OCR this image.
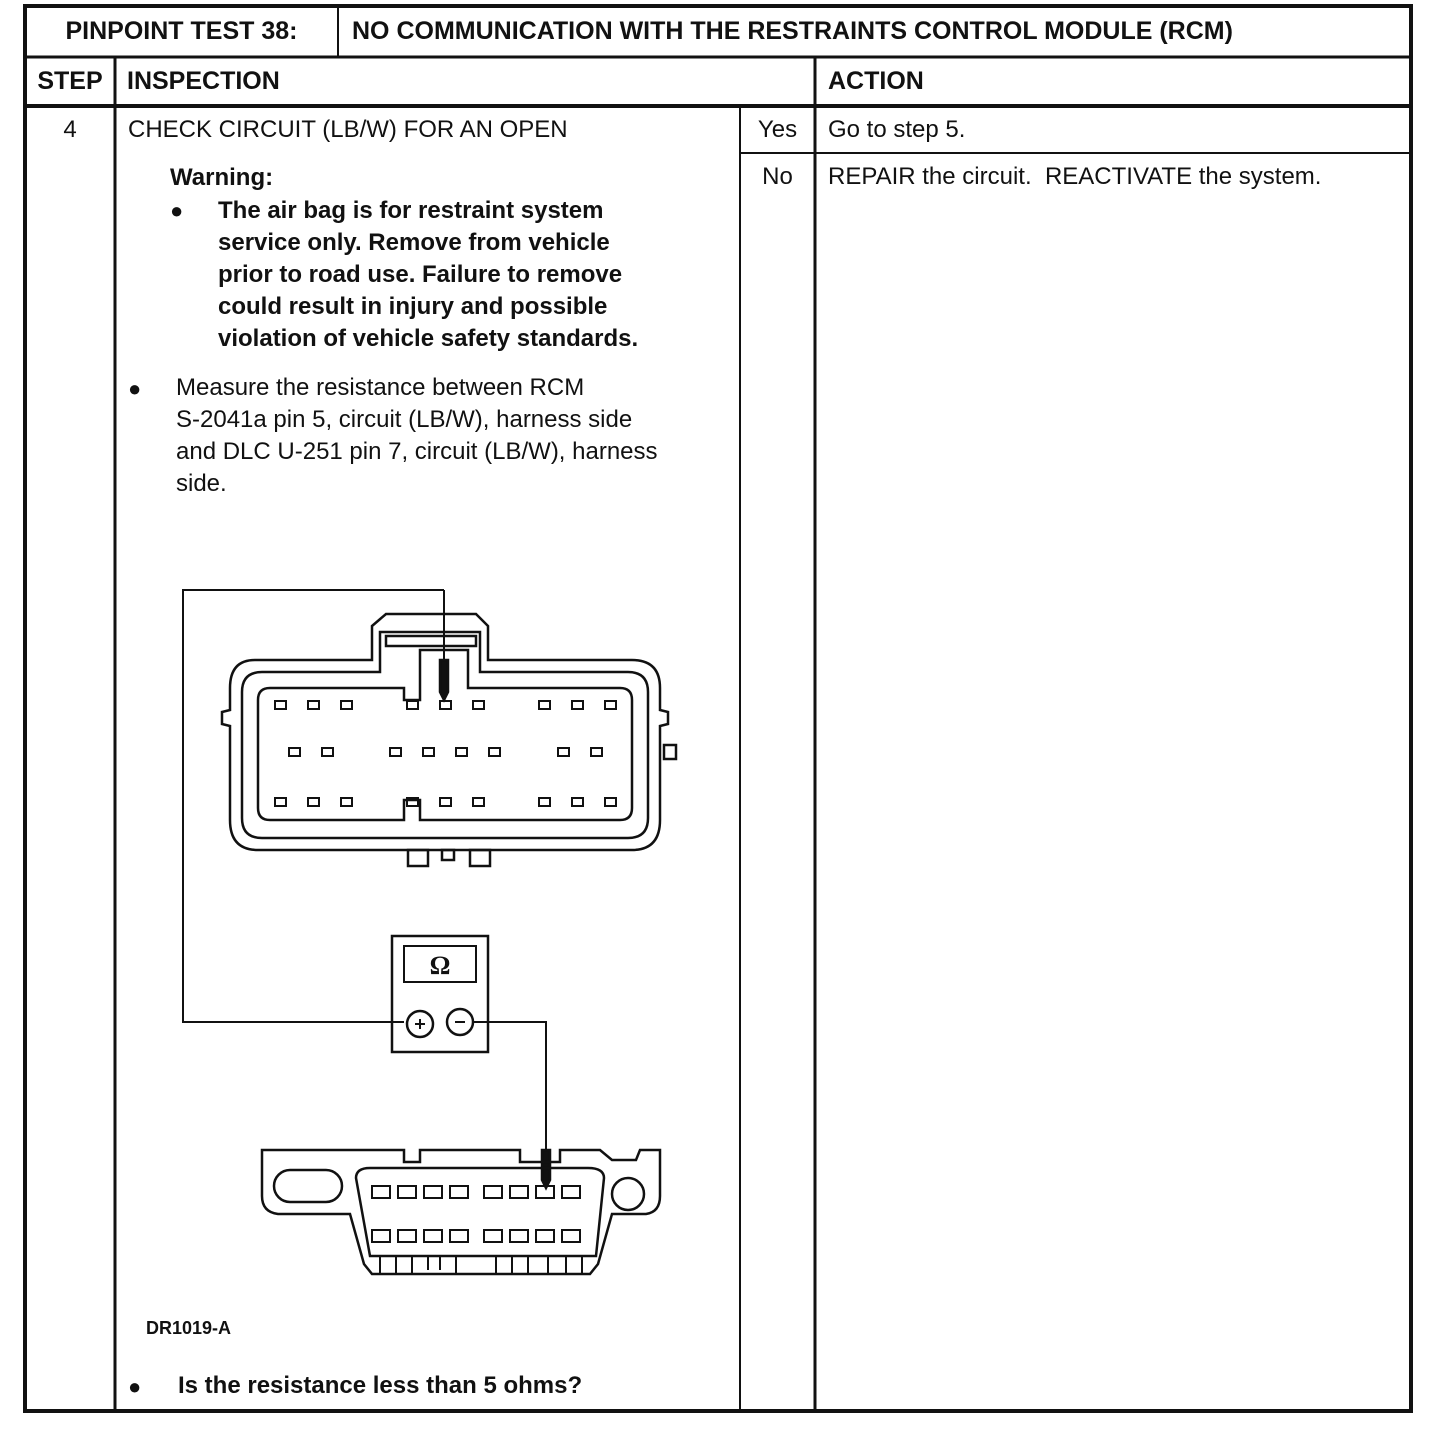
PINPOINT TEST 38:	NO COMMUNICATION WITH THE RESTRAINTS CONTROL MODULE (RCM)
STEP INSPECTION	ACTION
4	CHECK CIRCUIT (LB/W) FOR AN OPEN
Warning:
● The air bag is for restraint system
service only. Remove from vehicle
prior to road use. Failure to remove
could result in injury and possible
violation of vehicle safety standards.
● Measure the resistance between RCM
S-2041a pin 5, circuit (LB/W), harness side
and DLC U-251 pin 7, circuit (LB/W), harness
side.
Ω
DR1019-A
● Is the resistance less than 5 ohms?
Yes	Go to step 5.
No	REPAIR the circuit.  REACTIVATE the system.
